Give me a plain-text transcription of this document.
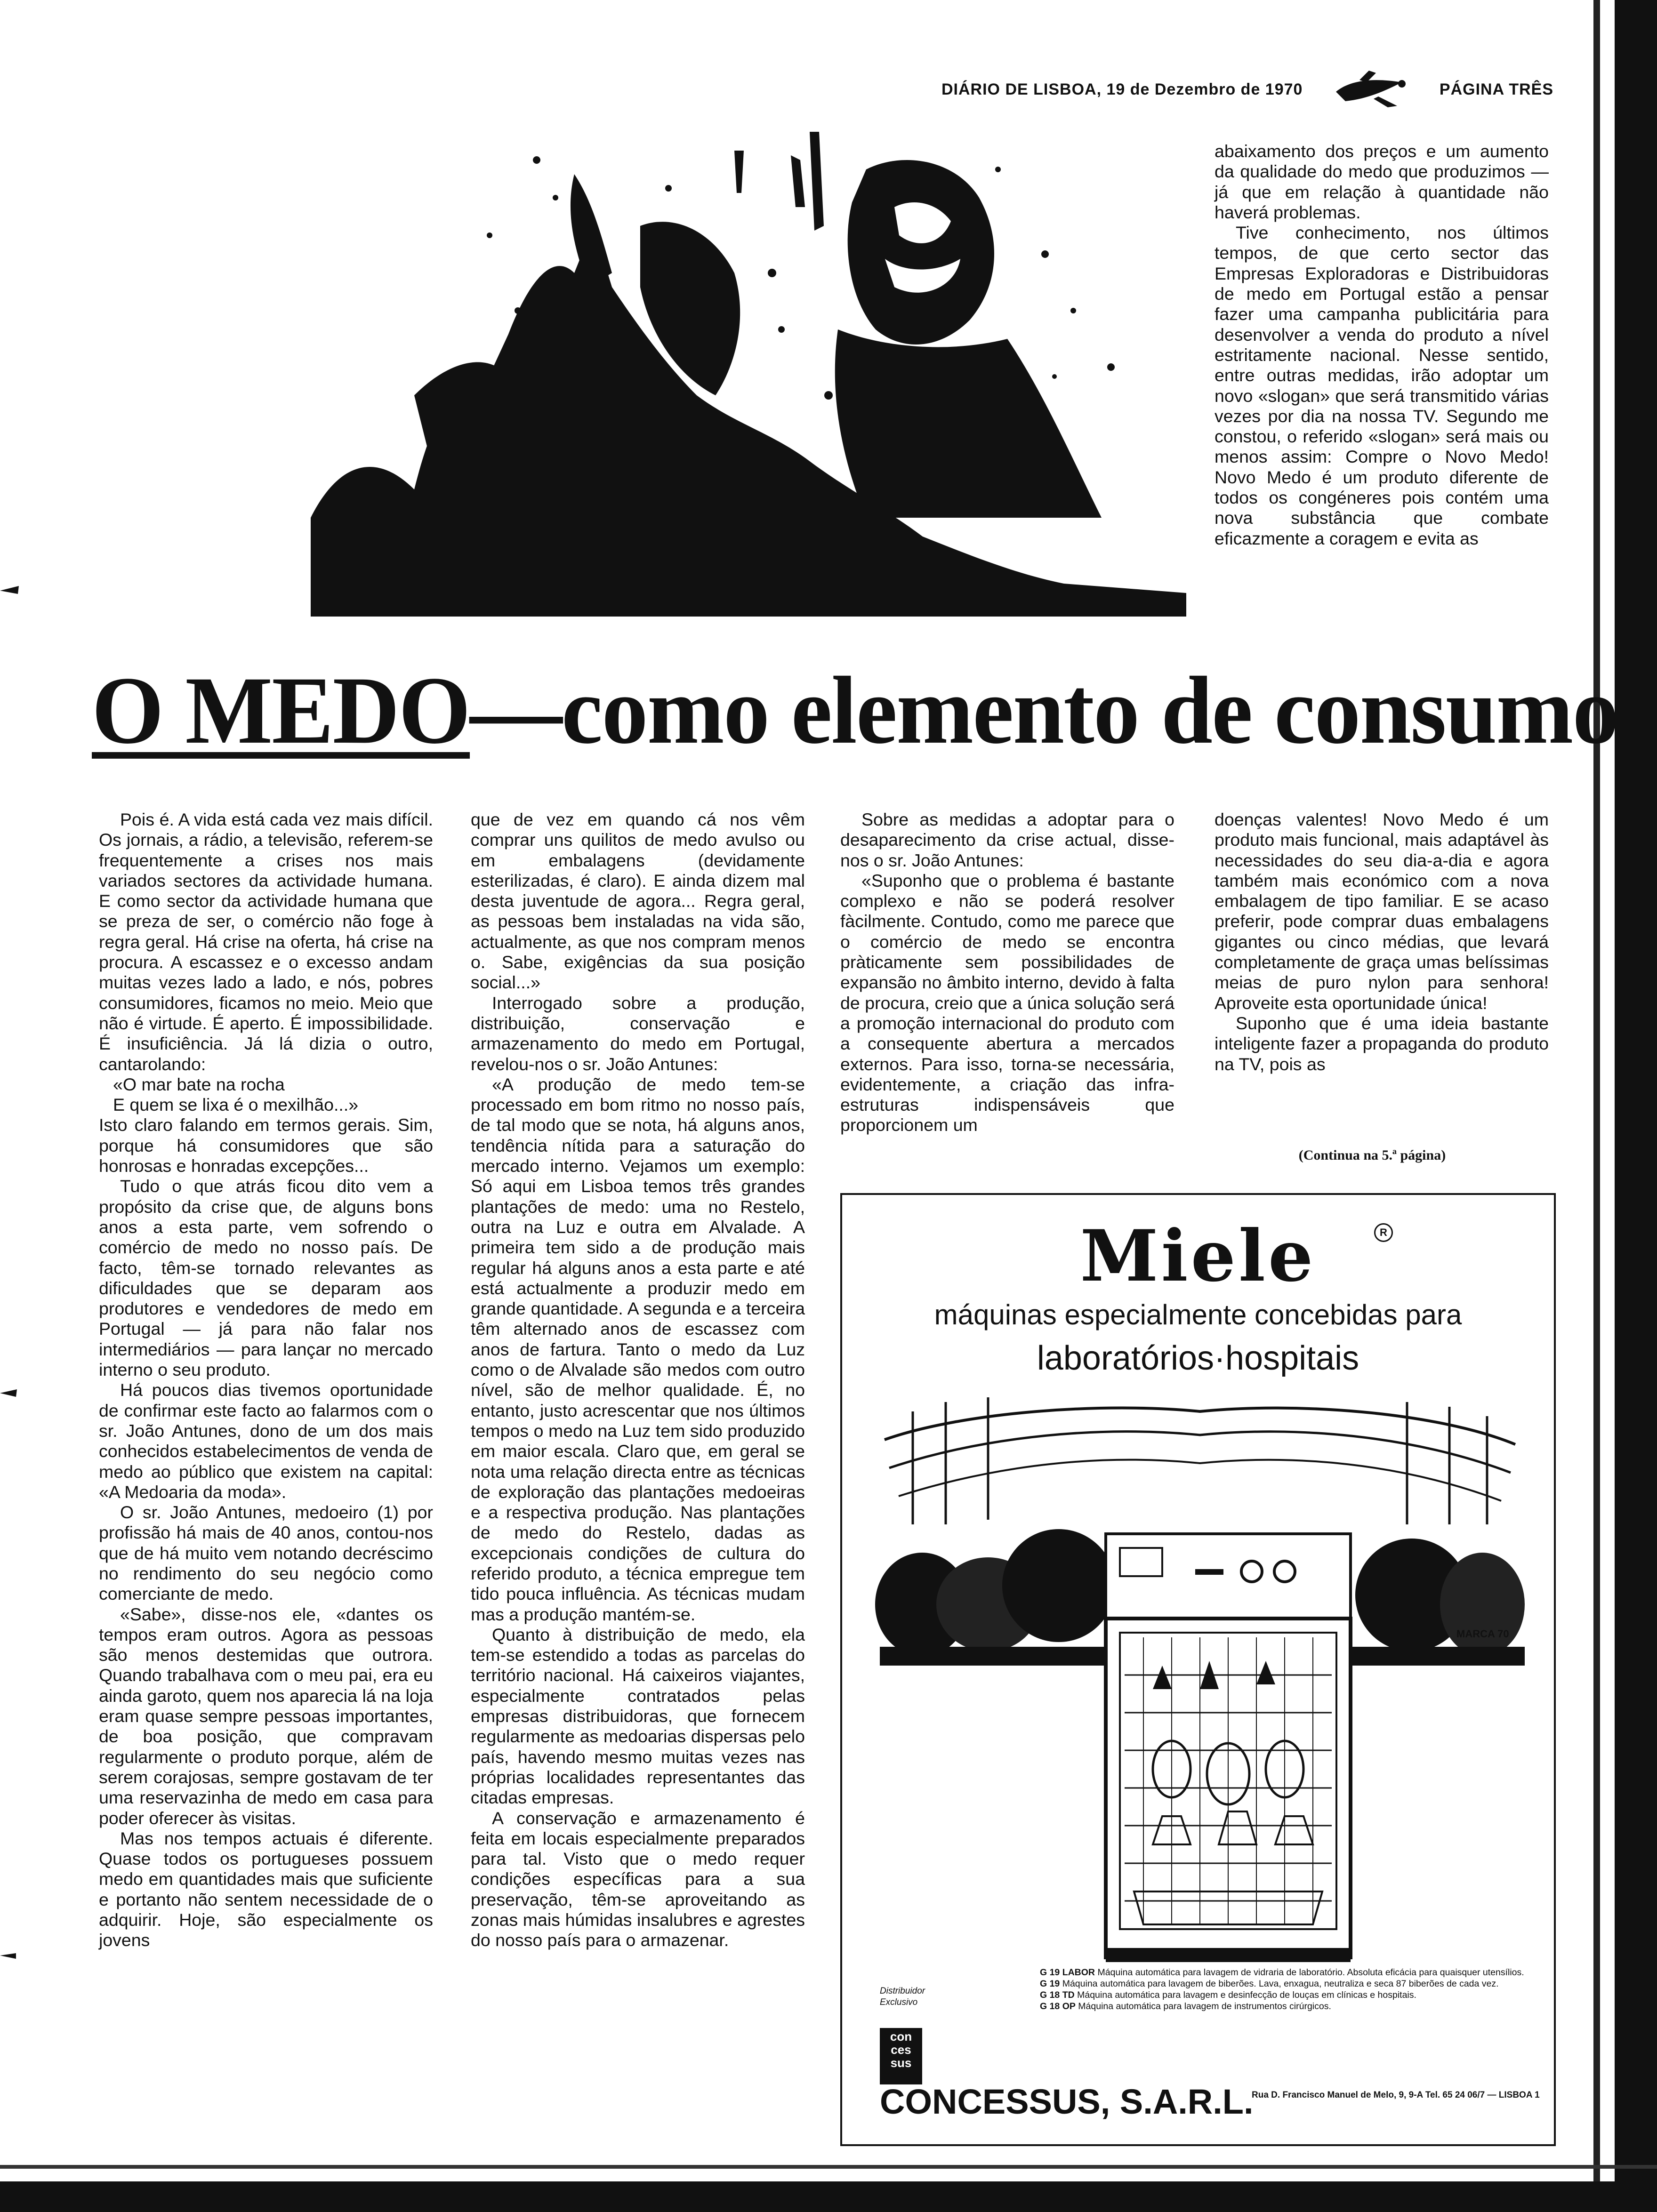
DIÁRIO DE LISBOA, 19 de Dezembro de 1970	PÁGINA TRÊS

abaixamento dos preços e um aumento da qualidade do medo que produzimos — já que em relação à quantidade não haverá problemas.

Tive conhecimento, nos últimos tempos, de que certo sector das Empresas Exploradoras e Distribuidoras de medo em Portugal estão a pensar fazer uma campanha publicitária para desenvolver a venda do produto a nível estritamente nacional. Nesse sentido, entre outras medidas, irão adoptar um novo «slogan» que será transmitido várias vezes por dia na nossa TV. Segundo me constou, o referido «slogan» será mais ou menos assim: Compre o Novo Medo! Novo Medo é um produto diferente de todos os congéneres pois contém uma nova substância que combate eficazmente a coragem e evita as

O MEDO—como elemento de consumo

Pois é. A vida está cada vez mais difícil. Os jornais, a rádio, a televisão, referem-se frequentemente a crises nos mais variados sectores da actividade humana. E como sector da actividade humana que se preza de ser, o comércio não foge à regra geral. Há crise na oferta, há crise na procura. A escassez e o excesso andam muitas vezes lado a lado, e nós, pobres consumidores, ficamos no meio. Meio que não é virtude. É aperto. É impossibilidade. É insuficiência. Já lá dizia o outro, cantarolando:

«O mar bate na rocha

E quem se lixa é o mexilhão...»

Isto claro falando em termos gerais. Sim, porque há consumidores que são honrosas e honradas excepções...

Tudo o que atrás ficou dito vem a propósito da crise que, de alguns bons anos a esta parte, vem sofrendo o comércio de medo no nosso país. De facto, têm-se tornado relevantes as dificuldades que se deparam aos produtores e vendedores de medo em Portugal — já para não falar nos intermediários — para lançar no mercado interno o seu produto.

Há poucos dias tivemos oportunidade de confirmar este facto ao falarmos com o sr. João Antunes, dono de um dos mais conhecidos estabelecimentos de venda de medo ao público que existem na capital: «A Medoaria da moda».

O sr. João Antunes, medoeiro (1) por profissão há mais de 40 anos, contou-nos que de há muito vem notando decréscimo no rendimento do seu negócio como comerciante de medo.

«Sabe», disse-nos ele, «dantes os tempos eram outros. Agora as pessoas são menos destemidas que outrora. Quando trabalhava com o meu pai, era eu ainda garoto, quem nos aparecia lá na loja eram quase sempre pessoas importantes, de boa posição, que compravam regularmente o produto porque, além de serem corajosas, sempre gostavam de ter uma reservazinha de medo em casa para poder oferecer às visitas.

Mas nos tempos actuais é diferente. Quase todos os portugueses possuem medo em quantidades mais que suficiente e portanto não sentem necessidade de o adquirir. Hoje, são especialmente os jovens

que de vez em quando cá nos vêm comprar uns quilitos de medo avulso ou em embalagens (devidamente esterilizadas, é claro). E ainda dizem mal desta juventude de agora... Regra geral, as pessoas bem instaladas na vida são, actualmente, as que nos compram menos o. Sabe, exigências da sua posição social...»

Interrogado sobre a produção, distribuição, conservação e armazenamento do medo em Portugal, revelou-nos o sr. João Antunes:

«A produção de medo tem-se processado em bom ritmo no nosso país, de tal modo que se nota, há alguns anos, tendência nítida para a saturação do mercado interno. Vejamos um exemplo: Só aqui em Lisboa temos três grandes plantações de medo: uma no Restelo, outra na Luz e outra em Alvalade. A primeira tem sido a de produção mais regular há alguns anos a esta parte e até está actualmente a produzir medo em grande quantidade. A segunda e a terceira têm alternado anos de escassez com anos de fartura. Tanto o medo da Luz como o de Alvalade são medos com outro nível, são de melhor qualidade. É, no entanto, justo acrescentar que nos últimos tempos o medo na Luz tem sido produzido em maior escala. Claro que, em geral se nota uma relação directa entre as técnicas de exploração das plantações medoeiras e a respectiva produção. Nas plantações de medo do Restelo, dadas as excepcionais condições de cultura do referido produto, a técnica empregue tem tido pouca influência. As técnicas mudam mas a produção mantém-se.

Quanto à distribuição de medo, ela tem-se estendido a todas as parcelas do território nacional. Há caixeiros viajantes, especialmente contratados pelas empresas distribuidoras, que fornecem regularmente as medoarias dispersas pelo país, havendo mesmo muitas vezes nas próprias localidades representantes das citadas empresas.

A conservação e armazenamento é feita em locais especialmente preparados para tal. Visto que o medo requer condições específicas para a sua preservação, têm-se aproveitando as zonas mais húmidas insalubres e agrestes do nosso país para o armazenar.

Sobre as medidas a adoptar para o desaparecimento da crise actual, disse-nos o sr. João Antunes:

«Suponho que o problema é bastante complexo e não se poderá resolver fàcilmente. Contudo, como me parece que o comércio de medo se encontra pràticamente sem possibilidades de expansão no âmbito interno, devido à falta de procura, creio que a única solução será a promoção internacional do produto com a consequente abertura a mercados externos. Para isso, torna-se necessária, evidentemente, a criação das infra-estruturas indispensáveis que proporcionem um

doenças valentes! Novo Medo é um produto mais funcional, mais adaptável às necessidades do seu dia-a-dia e agora também mais económico com a nova embalagem de tipo familiar. E se acaso preferir, pode comprar duas embalagens gigantes ou cinco médias, que levará completamente de graça umas belíssimas meias de puro nylon para senhora! Aproveite esta oportunidade única!

Suponho que é uma ideia bastante inteligente fazer a propaganda do produto na TV, pois as

(Continua na 5.ª página)
Miele	R
máquinas especialmente concebidas para
laboratórios·hospitais
MARCA 70
Distribuidor Exclusivo
con ces sus
G 19 LABOR Máquina automática para lavagem de vidraria de laboratório. Absoluta eficácia para quaisquer utensílios.
G 19 Máquina automática para lavagem de biberões. Lava, enxagua, neutraliza e seca 87 biberões de cada vez.
G 18 TD Máquina automática para lavagem e desinfecção de louças em clínicas e hospitais.
G 18 OP Máquina automática para lavagem de instrumentos cirúrgicos.
CONCESSUS, S.A.R.L.
Rua D. Francisco Manuel de Melo, 9, 9-A Tel. 65 24 06/7 — LISBOA 1
